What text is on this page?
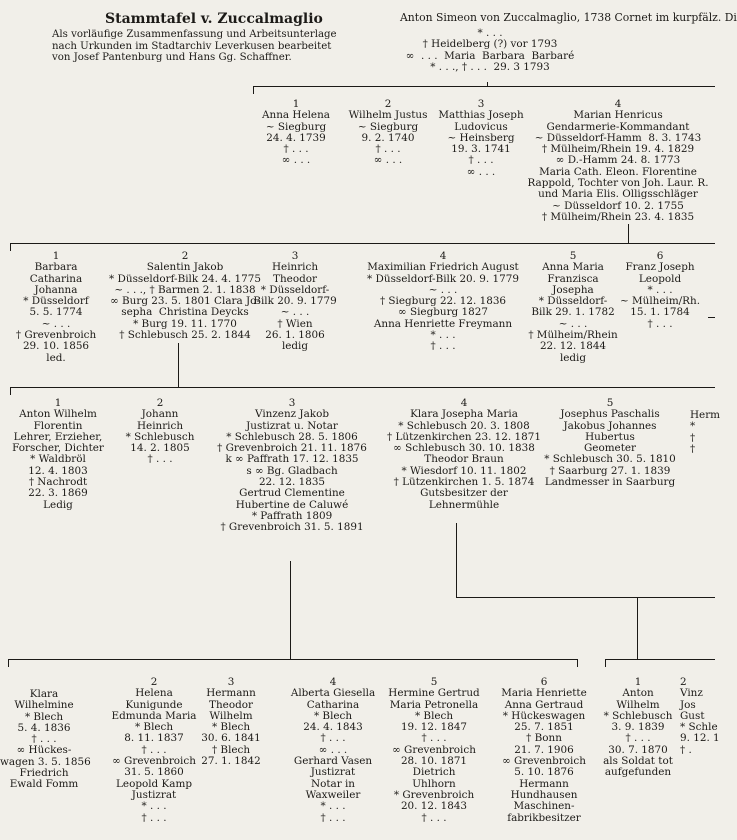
Stammtafel v. Zuccalmaglio
Als vorläufige Zusammenfassung und Arbeitsunterlage
nach Urkunden im Stadtarchiv Leverkusen bearbeitet
von Josef Pantenburg und Hans Gg. Schaffner.
Anton Simeon von Zuccalmaglio, 1738 Cornet im kurpfälz. Di
* . . .
† Heidelberg (?) vor 1793
∞  . . .  Maria  Barbara  Barbaré
* . . ., † . . .  29. 3 1793
1
Anna Helena
~ Siegburg
24. 4. 1739
† . . .
∞ . . .
2
Wilhelm Justus
~ Siegburg
9. 2. 1740
† . . .
∞ . . .
3
Matthias Joseph
Ludovicus
~ Heinsberg
19. 3. 1741
† . . .
∞ . . .
4
Marian Henricus
Gendarmerie-Kommandant
~ Düsseldorf-Hamm  8. 3. 1743
† Mülheim/Rhein 19. 4. 1829
∞ D.-Hamm 24. 8. 1773
Maria Cath. Eleon. Florentine
Rappold, Tochter von Joh. Laur. R.
und Maria Elis. Olligsschläger
~ Düsseldorf 10. 2. 1755
† Mülheim/Rhein 23. 4. 1835
1
Barbara
Catharina
Johanna
* Düsseldorf
5. 5. 1774
~ . . .
† Grevenbroich
29. 10. 1856
led.
2
Salentin Jakob
* Düsseldorf-Bilk 24. 4. 1775
~ . . ., † Barmen 2. 1. 1838
∞ Burg 23. 5. 1801 Clara Jo-
sepha  Christina Deycks
* Burg 19. 11. 1770
† Schlebusch 25. 2. 1844
3
Heinrich
Theodor
* Düsseldorf-
Bilk 20. 9. 1779
~ . . .
† Wien
26. 1. 1806
ledig
4
Maximilian Friedrich August
* Düsseldorf-Bilk 20. 9. 1779
~ . . .
† Siegburg 22. 12. 1836
∞ Siegburg 1827
Anna Henriette Freymann
* . . .
† . . .
5
Anna Maria
Franzisca
Josepha
* Düsseldorf-
Bilk 29. 1. 1782
~ . . .
† Mülheim/Rhein
22. 12. 1844
ledig
6
Franz Joseph
Leopold
* . . .
~ Mülheim/Rh.
15. 1. 1784
† . . .
1
Anton Wilhelm
Florentin
Lehrer, Erzieher,
Forscher, Dichter
* Waldbröl
12. 4. 1803
† Nachrodt
22. 3. 1869
Ledig
2
Johann
Heinrich
* Schlebusch
14. 2. 1805
† . . .
3
Vinzenz Jakob
Justizrat u. Notar
* Schlebusch 28. 5. 1806
† Grevenbroich 21. 11. 1876
k ∞ Paffrath 17. 12. 1835
s ∞ Bg. Gladbach
22. 12. 1835
Gertrud Clementine
Hubertine de Caluwé
* Paffrath 1809
† Grevenbroich 31. 5. 1891
4
Klara Josepha Maria
* Schlebusch 20. 3. 1808
† Lützenkirchen 23. 12. 1871
∞ Schlebusch 30. 10. 1838
Theodor Braun
* Wiesdorf 10. 11. 1802
† Lützenkirchen 1. 5. 1874
Gutsbesitzer der
Lehnermühle
5
Josephus Paschalis
Jakobus Johannes
Hubertus
Geometer
* Schlebusch 30. 5. 1810
† Saarburg 27. 1. 1839
Landmesser in Saarburg
Herm
*
†
†
Klara
Wilhelmine
* Blech
5. 4. 1836
† . . .
∞ Hückes-
wagen 3. 5. 1856
Friedrich
Ewald Fomm
2
Helena
Kunigunde
Edmunda Maria
* Blech
8. 11. 1837
† . . .
∞ Grevenbroich
31. 5. 1860
Leopold Kamp
Justizrat
* . . .
† . . .
3
Hermann
Theodor
Wilhelm
* Blech
30. 6. 1841
† Blech
27. 1. 1842
4
Alberta Giesella
Catharina
* Blech
24. 4. 1843
† . . .
∞ . . .
Gerhard Vasen
Justizrat
Notar in
Waxweiler
* . . .
† . . .
5
Hermine Gertrud
Maria Petronella
* Blech
19. 12. 1847
† . . .
∞ Grevenbroich
28. 10. 1871
Dietrich
Uhlhorn
* Grevenbroich
20. 12. 1843
† . . .
6
Maria Henriette
Anna Gertraud
* Hückeswagen
25. 7. 1851
† Bonn
21. 7. 1906
∞ Grevenbroich
5. 10. 1876
Hermann
Hundhausen
Maschinen-
fabrikbesitzer
1
Anton
Wilhelm
* Schlebusch
3. 9. 1839
† . . .
30. 7. 1870
als Soldat tot
aufgefunden
2
Vinz
Jos
Gust
* Schle
9. 12. 1
† .
